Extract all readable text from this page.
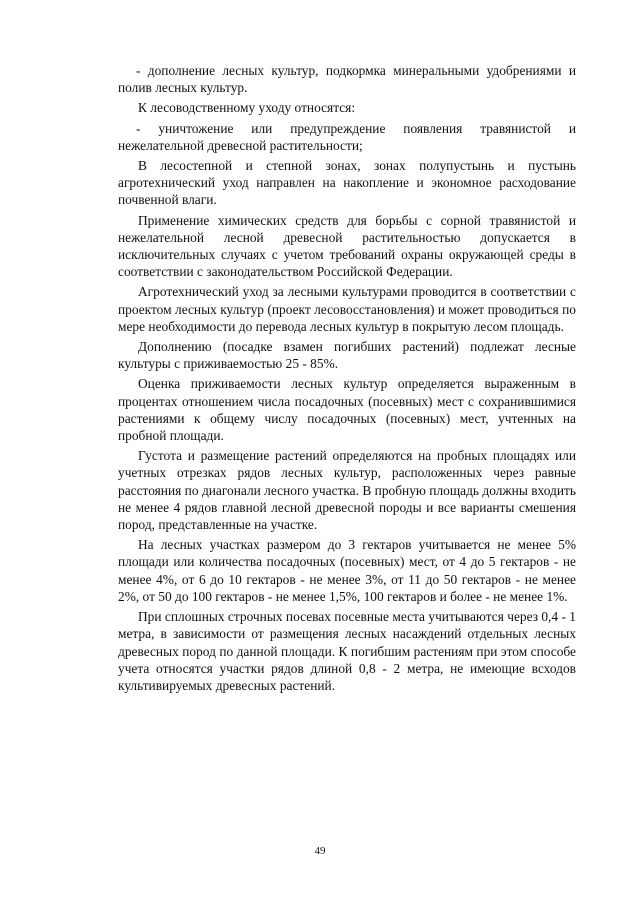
- дополнение лесных культур, подкормка минеральными удобрениями и полив лесных культур.

К лесоводственному уходу относятся:

- уничтожение или предупреждение появления травянистой и нежелательной древесной растительности;

В лесостепной и степной зонах, зонах полупустынь и пустынь агротехнический уход направлен на накопление и экономное расходование почвенной влаги.

Применение химических средств для борьбы с сорной травянистой и нежелательной лесной древесной растительностью допускается в исключительных случаях с учетом требований охраны окружающей среды в соответствии с законодательством Российской Федерации.

Агротехнический уход за лесными культурами проводится в соответствии с проектом лесных культур (проект лесовосстановления) и может проводиться по мере необходимости до перевода лесных культур в покрытую лесом площадь.

Дополнению (посадке взамен погибших растений) подлежат лесные культуры с приживаемостью 25 - 85%.

Оценка приживаемости лесных культур определяется выраженным в процентах отношением числа посадочных (посевных) мест с сохранившимися растениями к общему числу посадочных (посевных) мест, учтенных на пробной площади.

Густота и размещение растений определяются на пробных площадях или учетных отрезках рядов лесных культур, расположенных через равные расстояния по диагонали лесного участка. В пробную площадь должны входить не менее 4 рядов главной лесной древесной породы и все варианты смешения пород, представленные на участке.

На лесных участках размером до 3 гектаров учитывается не менее 5% площади или количества посадочных (посевных) мест, от 4 до 5 гектаров - не менее 4%, от 6 до 10 гектаров - не менее 3%, от 11 до 50 гектаров - не менее 2%, от 50 до 100 гектаров - не менее 1,5%, 100 гектаров и более - не менее 1%.

При сплошных строчных посевах посевные места учитываются через 0,4 - 1 метра, в зависимости от размещения лесных насаждений отдельных лесных древесных пород по данной площади. К погибшим растениям при этом способе учета относятся участки рядов длиной 0,8 - 2 метра, не имеющие всходов культивируемых древесных растений.

49
